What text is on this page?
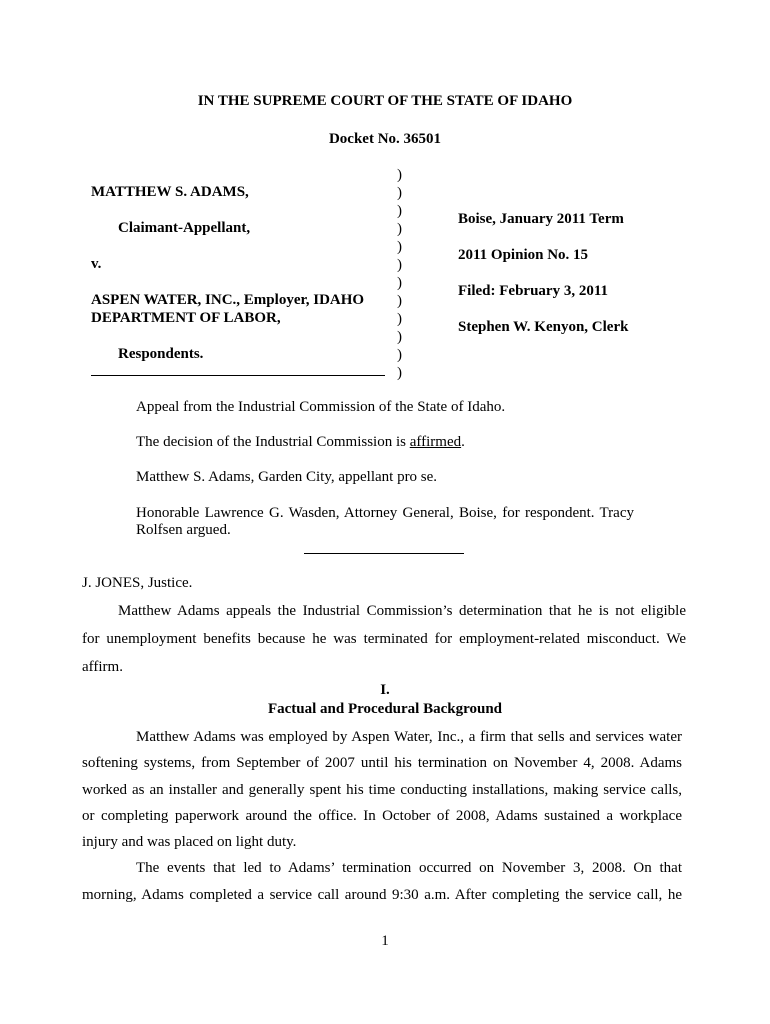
IN THE SUPREME COURT OF THE STATE OF IDAHO
Docket No. 36501
MATTHEW S. ADAMS,
Claimant-Appellant,
v.
ASPEN WATER, INC., Employer, IDAHO
DEPARTMENT OF LABOR,
Respondents.
)
)
)
)
)
)
)
)
)
)
)
)
Boise, January 2011 Term
2011 Opinion No. 15
Filed: February 3, 2011
Stephen W. Kenyon, Clerk
Appeal from the Industrial Commission of the State of Idaho.
The decision of the Industrial Commission is affirmed.
Matthew S. Adams, Garden City, appellant pro se.
Honorable Lawrence G. Wasden, Attorney General, Boise, for respondent. Tracy
Rolfsen argued.
J. JONES, Justice.
Matthew Adams appeals the Industrial Commission’s determination that he is not eligible
for unemployment benefits because he was terminated for employment-related misconduct. We
affirm.
I.
Factual and Procedural Background
Matthew Adams was employed by Aspen Water, Inc., a firm that sells and services water
softening systems, from September of 2007 until his termination on November 4, 2008. Adams
worked as an installer and generally spent his time conducting installations, making service calls,
or completing paperwork around the office. In October of 2008, Adams sustained a workplace
injury and was placed on light duty.
The events that led to Adams’ termination occurred on November 3, 2008. On that
morning, Adams completed a service call around 9:30 a.m. After completing the service call, he
1
